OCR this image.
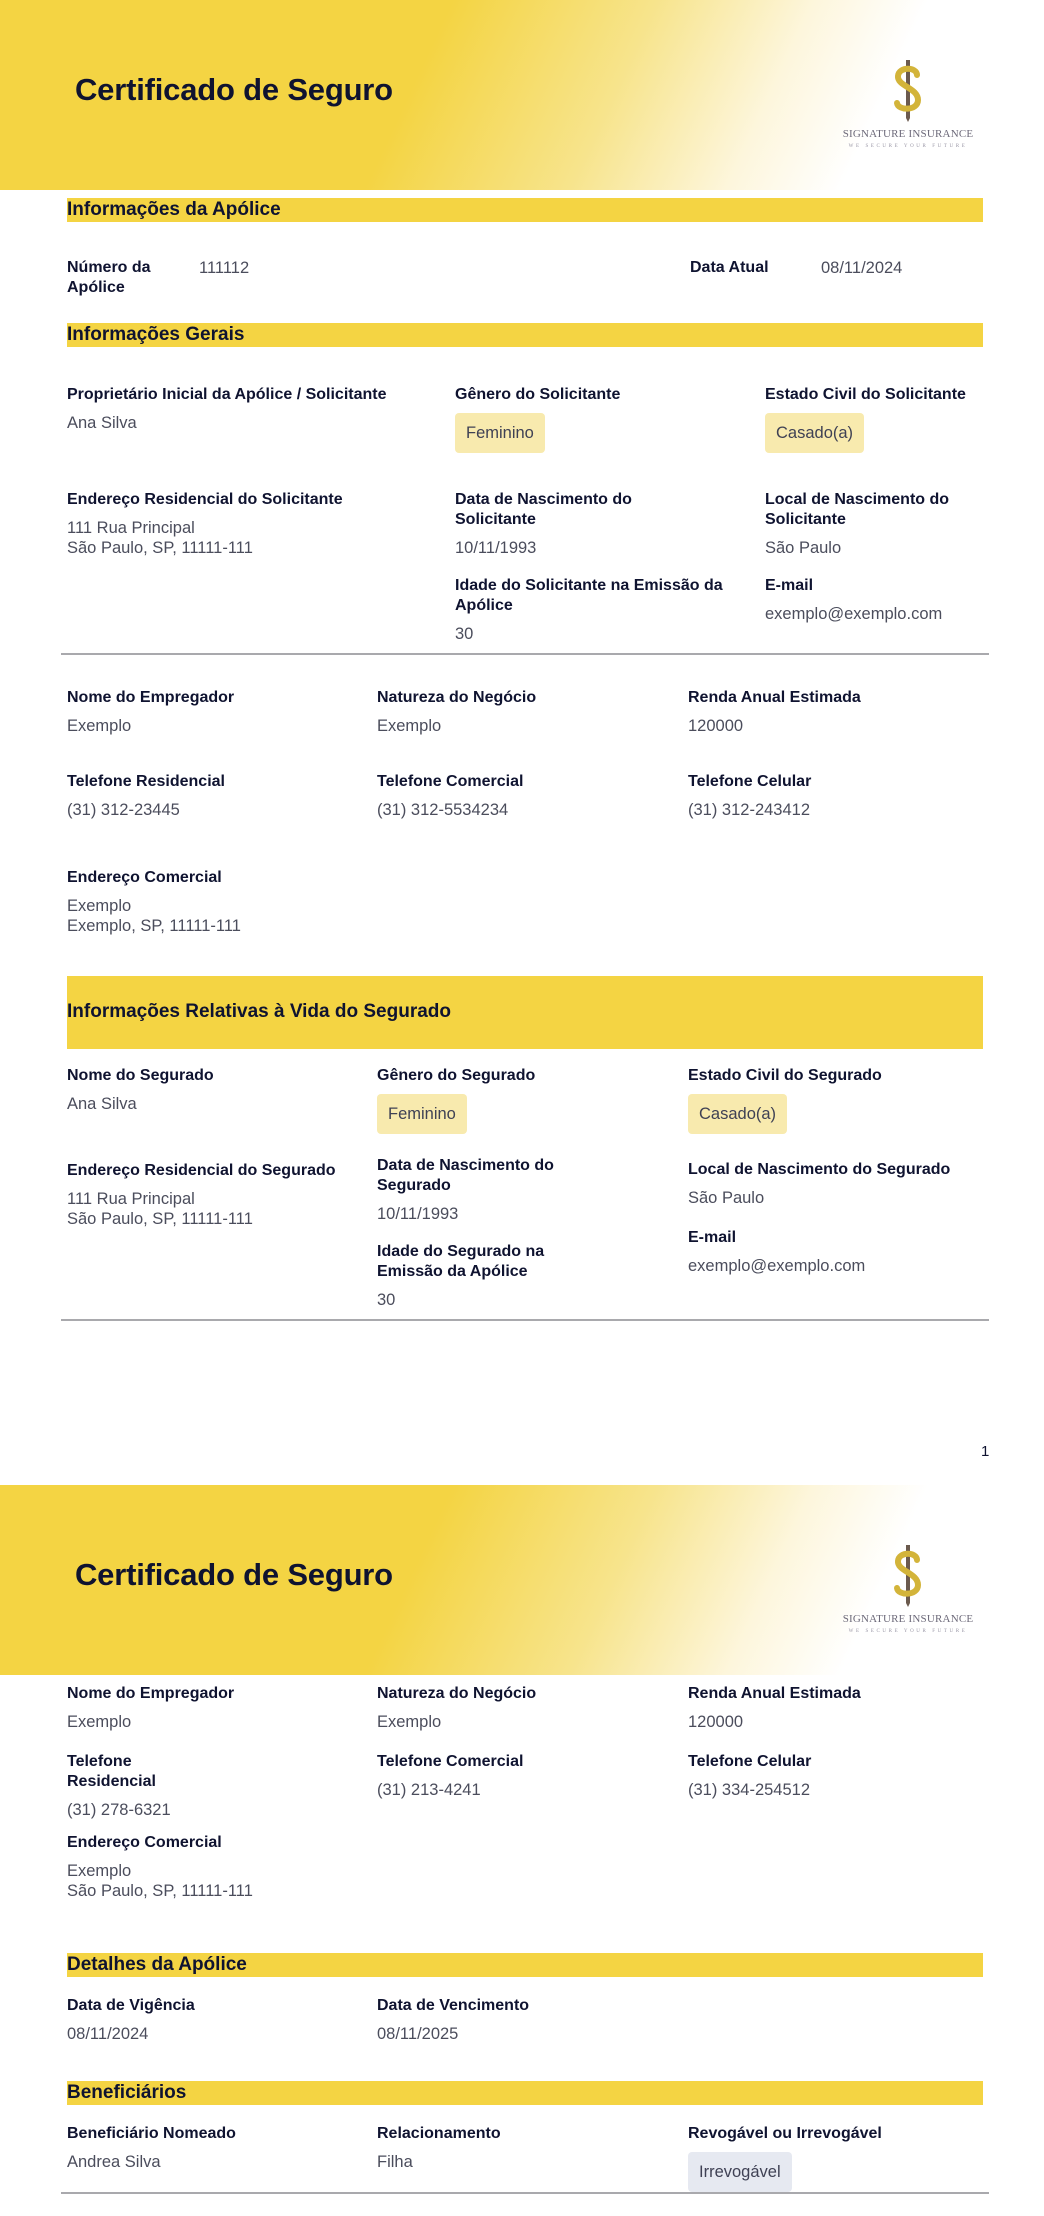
Certificado de Seguro
SIGNATURE INSURANCE
WE SECURE YOUR FUTURE
Informações da Apólice
Número da
Apólice
111112	Data Atual	08/11/2024
Informações Gerais
Proprietário Inicial da Apólice / Solicitante
Ana Silva
Gênero do Solicitante
Feminino
Estado Civil do Solicitante
Casado(a)
Endereço Residencial do Solicitante
111 Rua Principal
São Paulo, SP, 11111-111
Data de Nascimento do
Solicitante
10/11/1993
Local de Nascimento do
Solicitante
São Paulo
Idade do Solicitante na Emissão da
Apólice
30
E-mail
exemplo@exemplo.com
Nome do Empregador
Exemplo
Natureza do Negócio
Exemplo
Renda Anual Estimada
120000
Telefone Residencial
(31) 312-23445
Telefone Comercial
(31) 312-5534234
Telefone Celular
(31) 312-243412
Endereço Comercial
Exemplo
Exemplo, SP, 11111-111
Informações Relativas à Vida do Segurado
Nome do Segurado
Ana Silva
Gênero do Segurado
Feminino
Estado Civil do Segurado
Casado(a)
Endereço Residencial do Segurado
111 Rua Principal
São Paulo, SP, 11111-111
Data de Nascimento do
Segurado
10/11/1993
Local de Nascimento do Segurado
São Paulo
Idade do Segurado na
Emissão da Apólice
30
E-mail
exemplo@exemplo.com
1
Certificado de Seguro
SIGNATURE INSURANCE
WE SECURE YOUR FUTURE
Nome do Empregador
Exemplo
Natureza do Negócio
Exemplo
Renda Anual Estimada
120000
Telefone
Residencial
(31) 278-6321
Telefone Comercial
(31) 213-4241
Telefone Celular
(31) 334-254512
Endereço Comercial
Exemplo
São Paulo, SP, 11111-111
Detalhes da Apólice
Data de Vigência
08/11/2024
Data de Vencimento
08/11/2025
Beneficiários
Beneficiário Nomeado
Andrea Silva
Relacionamento
Filha
Revogável ou Irrevogável
Irrevogável
